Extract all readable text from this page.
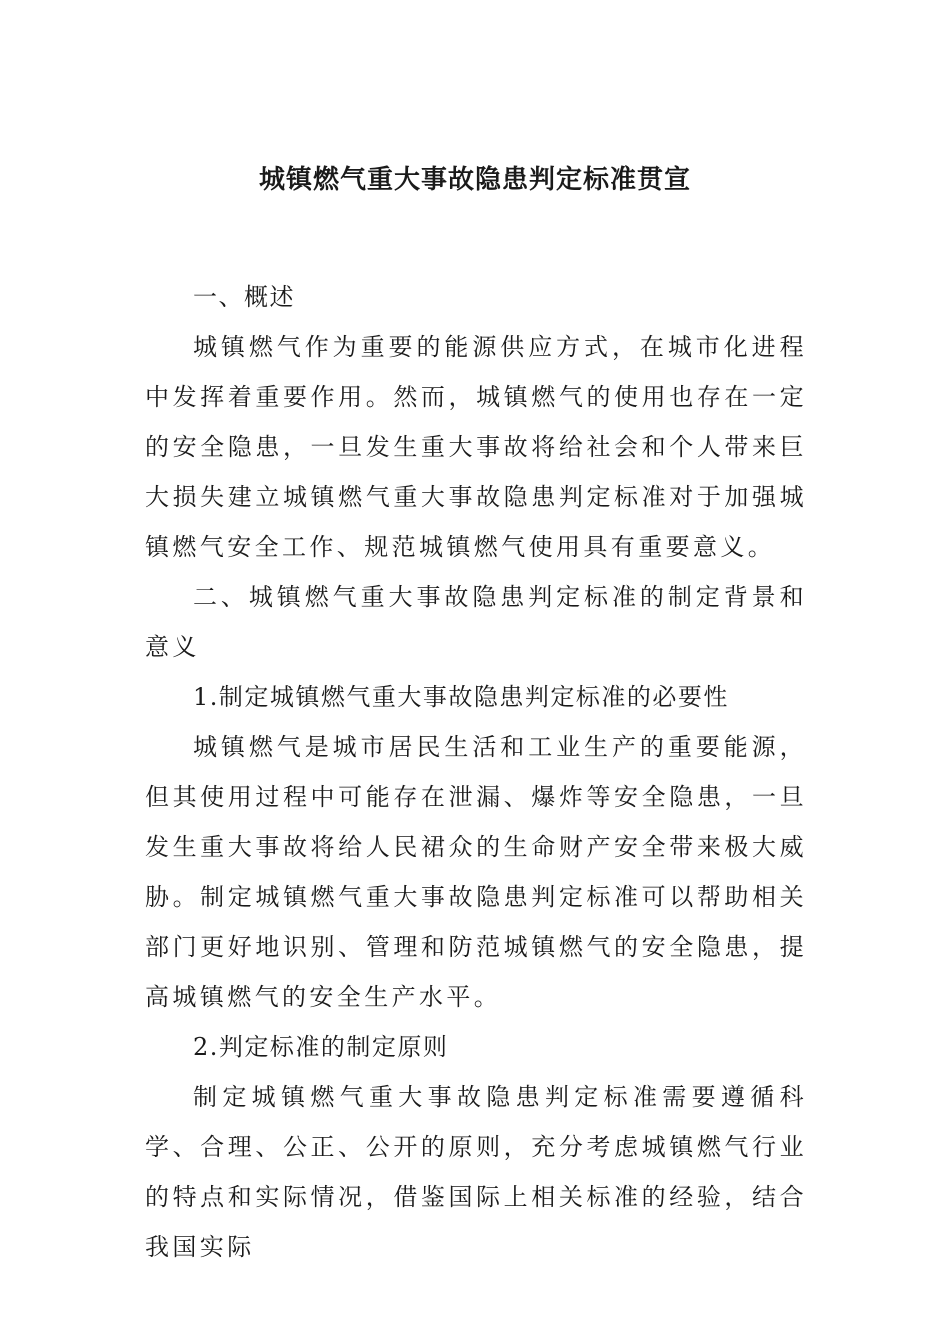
城镇燃气重大事故隐患判定标准贯宣

一、概述

城镇燃气作为重要的能源供应方式，在城市化进程中发挥着重要作用。然而，城镇燃气的使用也存在一定的安全隐患，一旦发生重大事故将给社会和个人带来巨大损失建立城镇燃气重大事故隐患判定标准对于加强城镇燃气安全工作、规范城镇燃气使用具有重要意义。

二、城镇燃气重大事故隐患判定标准的制定背景和意义

1.制定城镇燃气重大事故隐患判定标准的必要性

城镇燃气是城市居民生活和工业生产的重要能源，但其使用过程中可能存在泄漏、爆炸等安全隐患，一旦发生重大事故将给人民裙众的生命财产安全带来极大威胁。制定城镇燃气重大事故隐患判定标准可以帮助相关部门更好地识别、管理和防范城镇燃气的安全隐患，提高城镇燃气的安全生产水平。

2.判定标准的制定原则

制定城镇燃气重大事故隐患判定标准需要遵循科学、合理、公正、公开的原则，充分考虑城镇燃气行业的特点和实际情况，借鉴国际上相关标准的经验，结合我国实际
